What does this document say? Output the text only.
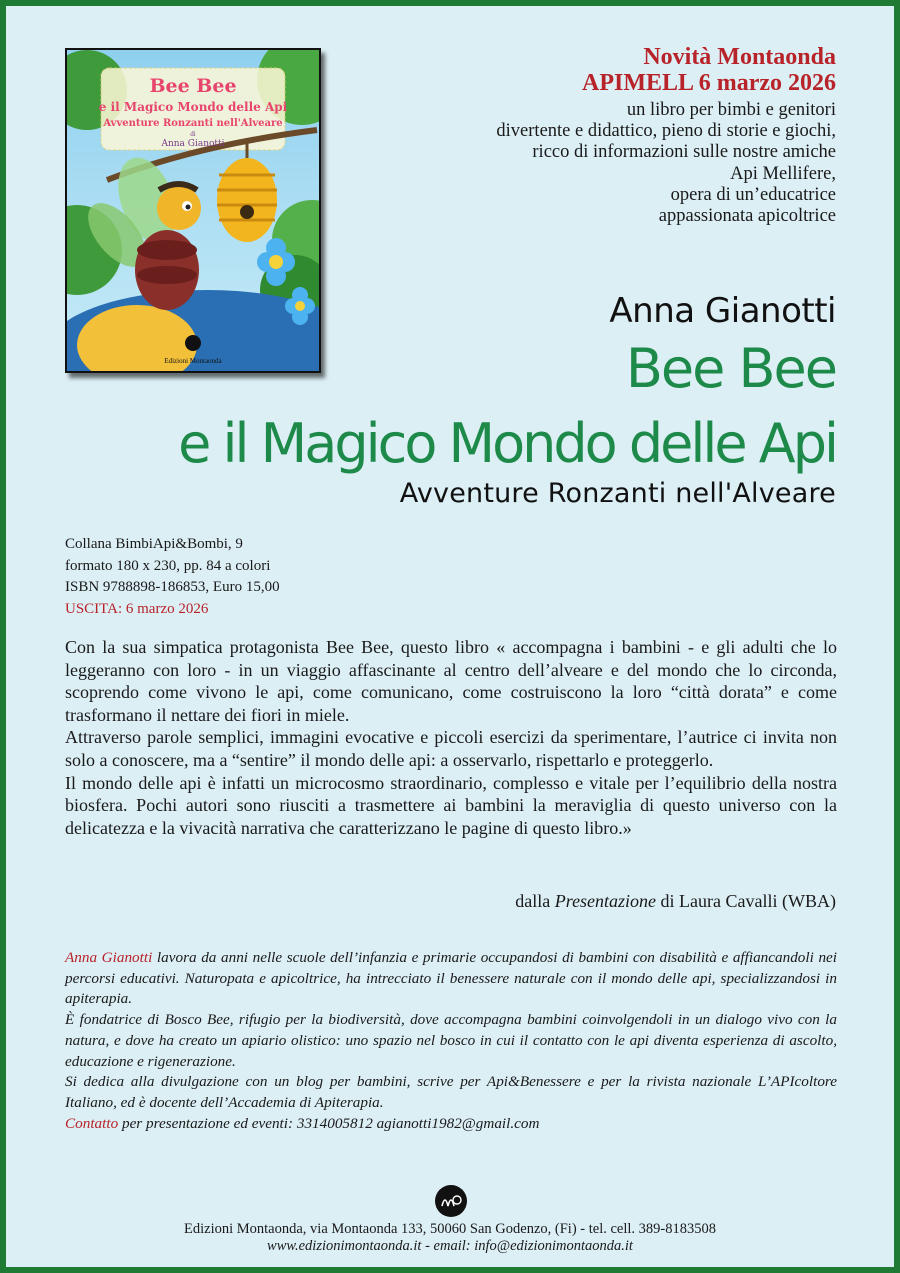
Edizioni Montaonda
Bee Bee
e il Magico Mondo delle Api
Avventure Ronzanti nell'Alveare
di
Anna Gianotti
Novità Montaonda
APIMELL 6 marzo 2026
un libro per bimbi e genitori
divertente e didattico, pieno di storie e giochi,
ricco di informazioni sulle nostre amiche
Api Mellifere,
opera di un’educatrice
appassionata apicoltrice
Anna Gianotti
Bee Bee
e il Magico Mondo delle Api
Avventure Ronzanti nell'Alveare
Collana BimbiApi&Bombi, 9
formato 180 x 230, pp. 84 a colori
ISBN 9788898-186853, Euro 15,00
USCITA: 6 marzo 2026

Con la sua simpatica protagonista Bee Bee, questo libro « accompagna i bambini - e gli adulti che lo leggeranno con loro - in un viaggio affascinante al centro dell’alveare e del mondo che lo circonda, scoprendo come vivono le api, come comunicano, come costruiscono la loro “città dorata” e come trasformano il nettare dei fiori in miele.

Attraverso parole semplici, immagini evocative e piccoli esercizi da sperimentare, l’autrice ci invita non solo a conoscere, ma a “sentire” il mondo delle api: a osservarlo, rispettarlo e proteggerlo.

Il mondo delle api è infatti un microcosmo straordinario, complesso e vitale per l’equilibrio della nostra biosfera. Pochi autori sono riusciti a trasmettere ai bambini la meraviglia di questo universo con la delicatezza e la vivacità narrativa che caratterizzano le pagine di questo libro.»

dalla Presentazione di Laura Cavalli (WBA)

Anna Gianotti lavora da anni nelle scuole dell’infanzia e primarie occupandosi di bambini con disabilità e affiancandoli nei percorsi educativi. Naturopata e apicoltrice, ha intrecciato il benessere naturale con il mondo delle api, specializzandosi in apiterapia.

È fondatrice di Bosco Bee, rifugio per la biodiversità, dove accompagna bambini coinvolgendoli in un dialogo vivo con la natura, e dove ha creato un apiario olistico: uno spazio nel bosco in cui il contatto con le api diventa esperienza di ascolto, educazione e rigenerazione.

Si dedica alla divulgazione con un blog per bambini, scrive per Api&Benessere e per la rivista nazionale L’APIcoltore Italiano, ed è docente dell’Accademia di Apiterapia.

Contatto per presentazione ed eventi: 3314005812 agianotti1982@gmail.com

Edizioni Montaonda, via Montaonda 133, 50060 San Godenzo, (Fi) - tel. cell. 389-8183508
www.edizionimontaonda.it - email: info@edizionimontaonda.it
